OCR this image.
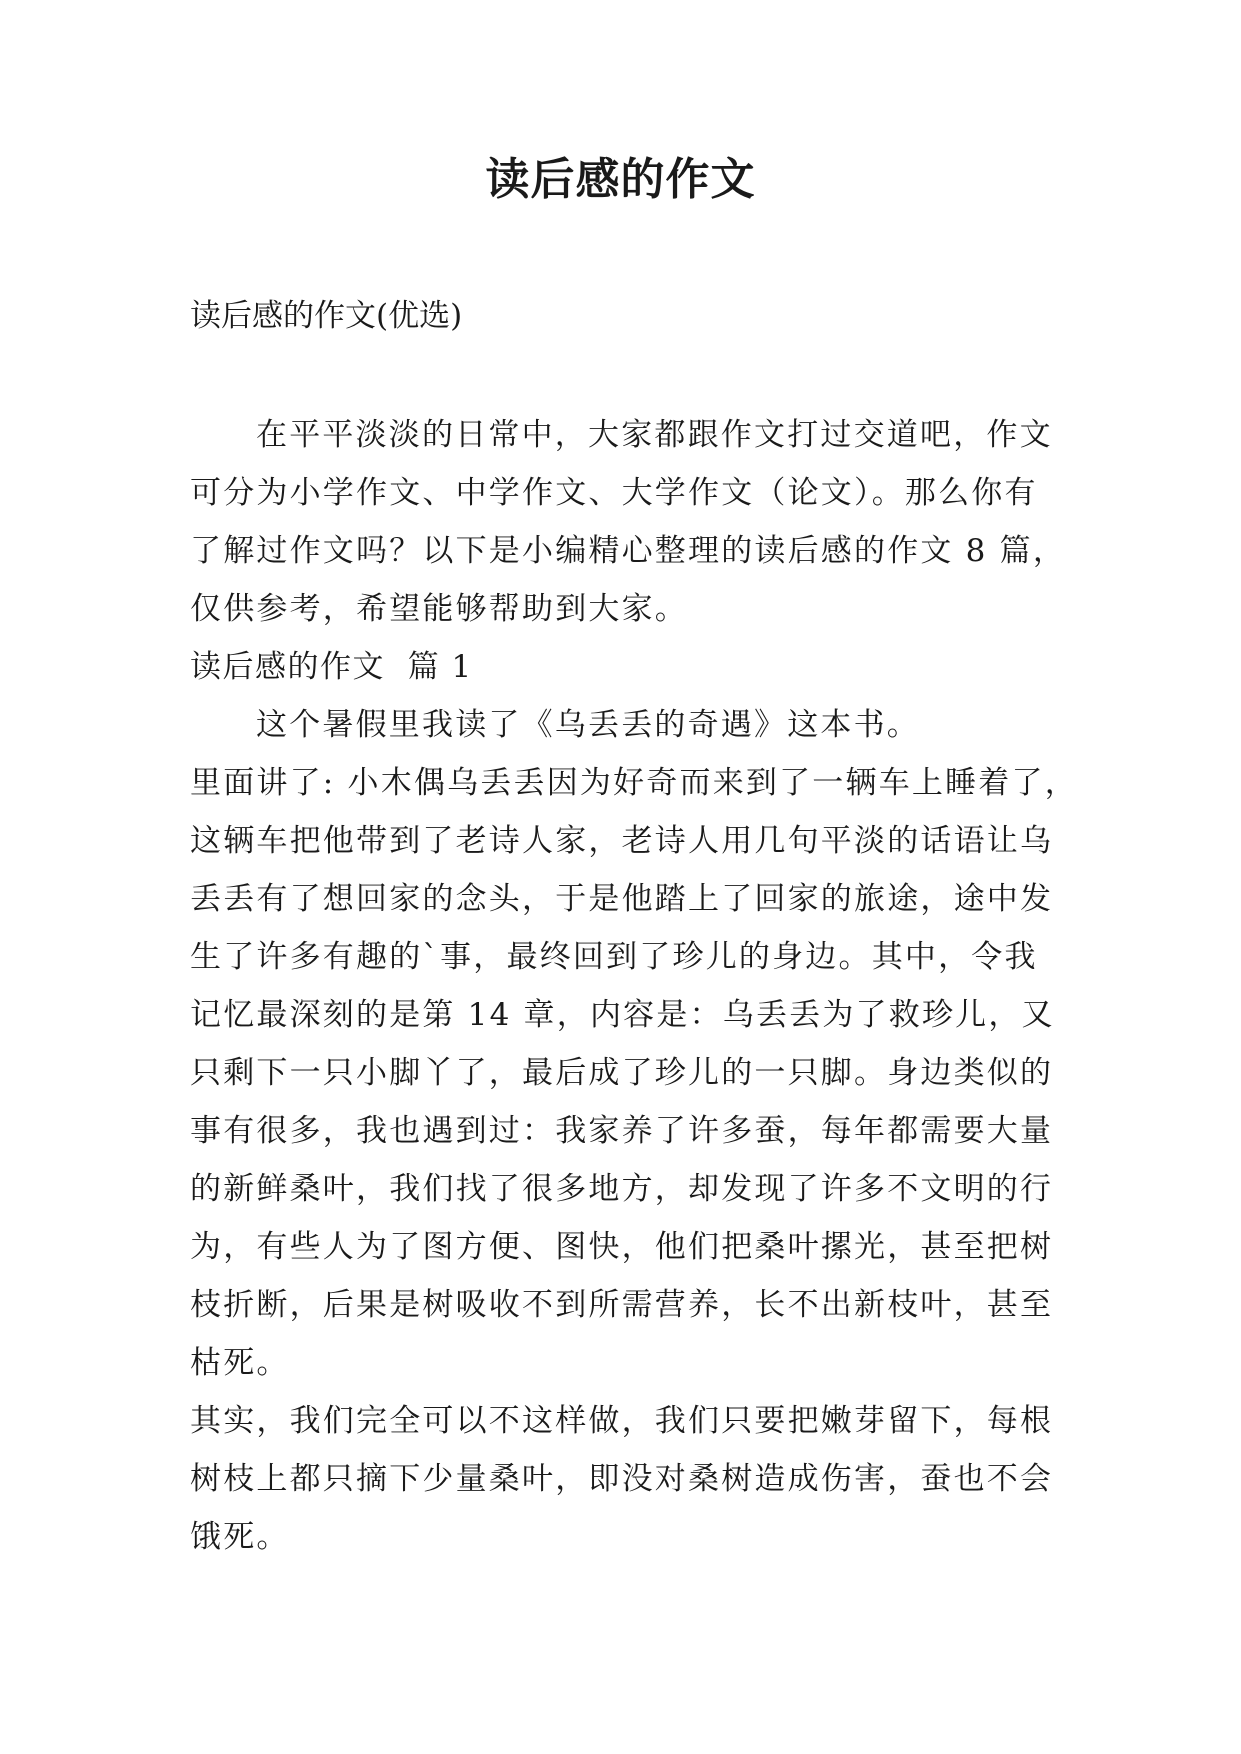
读后感的作文
读后感的作文(优选)
在平平淡淡的日常中，大家都跟作文打过交道吧，作文
可分为小学作文、中学作文、大学作文（论文）。那么你有
了解过作文吗？以下是小编精心整理的读后感的作文 8 篇，
仅供参考，希望能够帮助到大家。
读后感的作文  篇 1
这个暑假里我读了《乌丢丢的奇遇》这本书。
里面讲了: 小木偶乌丢丢因为好奇而来到了一辆车上睡着了，
这辆车把他带到了老诗人家，老诗人用几句平淡的话语让乌
丢丢有了想回家的念头，于是他踏上了回家的旅途，途中发
生了许多有趣的`事，最终回到了珍儿的身边。其中，令我
记忆最深刻的是第 14 章，内容是：乌丢丢为了救珍儿，又
只剩下一只小脚丫了，最后成了珍儿的一只脚。身边类似的
事有很多，我也遇到过：我家养了许多蚕，每年都需要大量
的新鲜桑叶，我们找了很多地方，却发现了许多不文明的行
为，有些人为了图方便、图快，他们把桑叶摞光，甚至把树
枝折断，后果是树吸收不到所需营养，长不出新枝叶，甚至
枯死。
其实，我们完全可以不这样做，我们只要把嫩芽留下，每根
树枝上都只摘下少量桑叶，即没对桑树造成伤害，蚕也不会
饿死。
